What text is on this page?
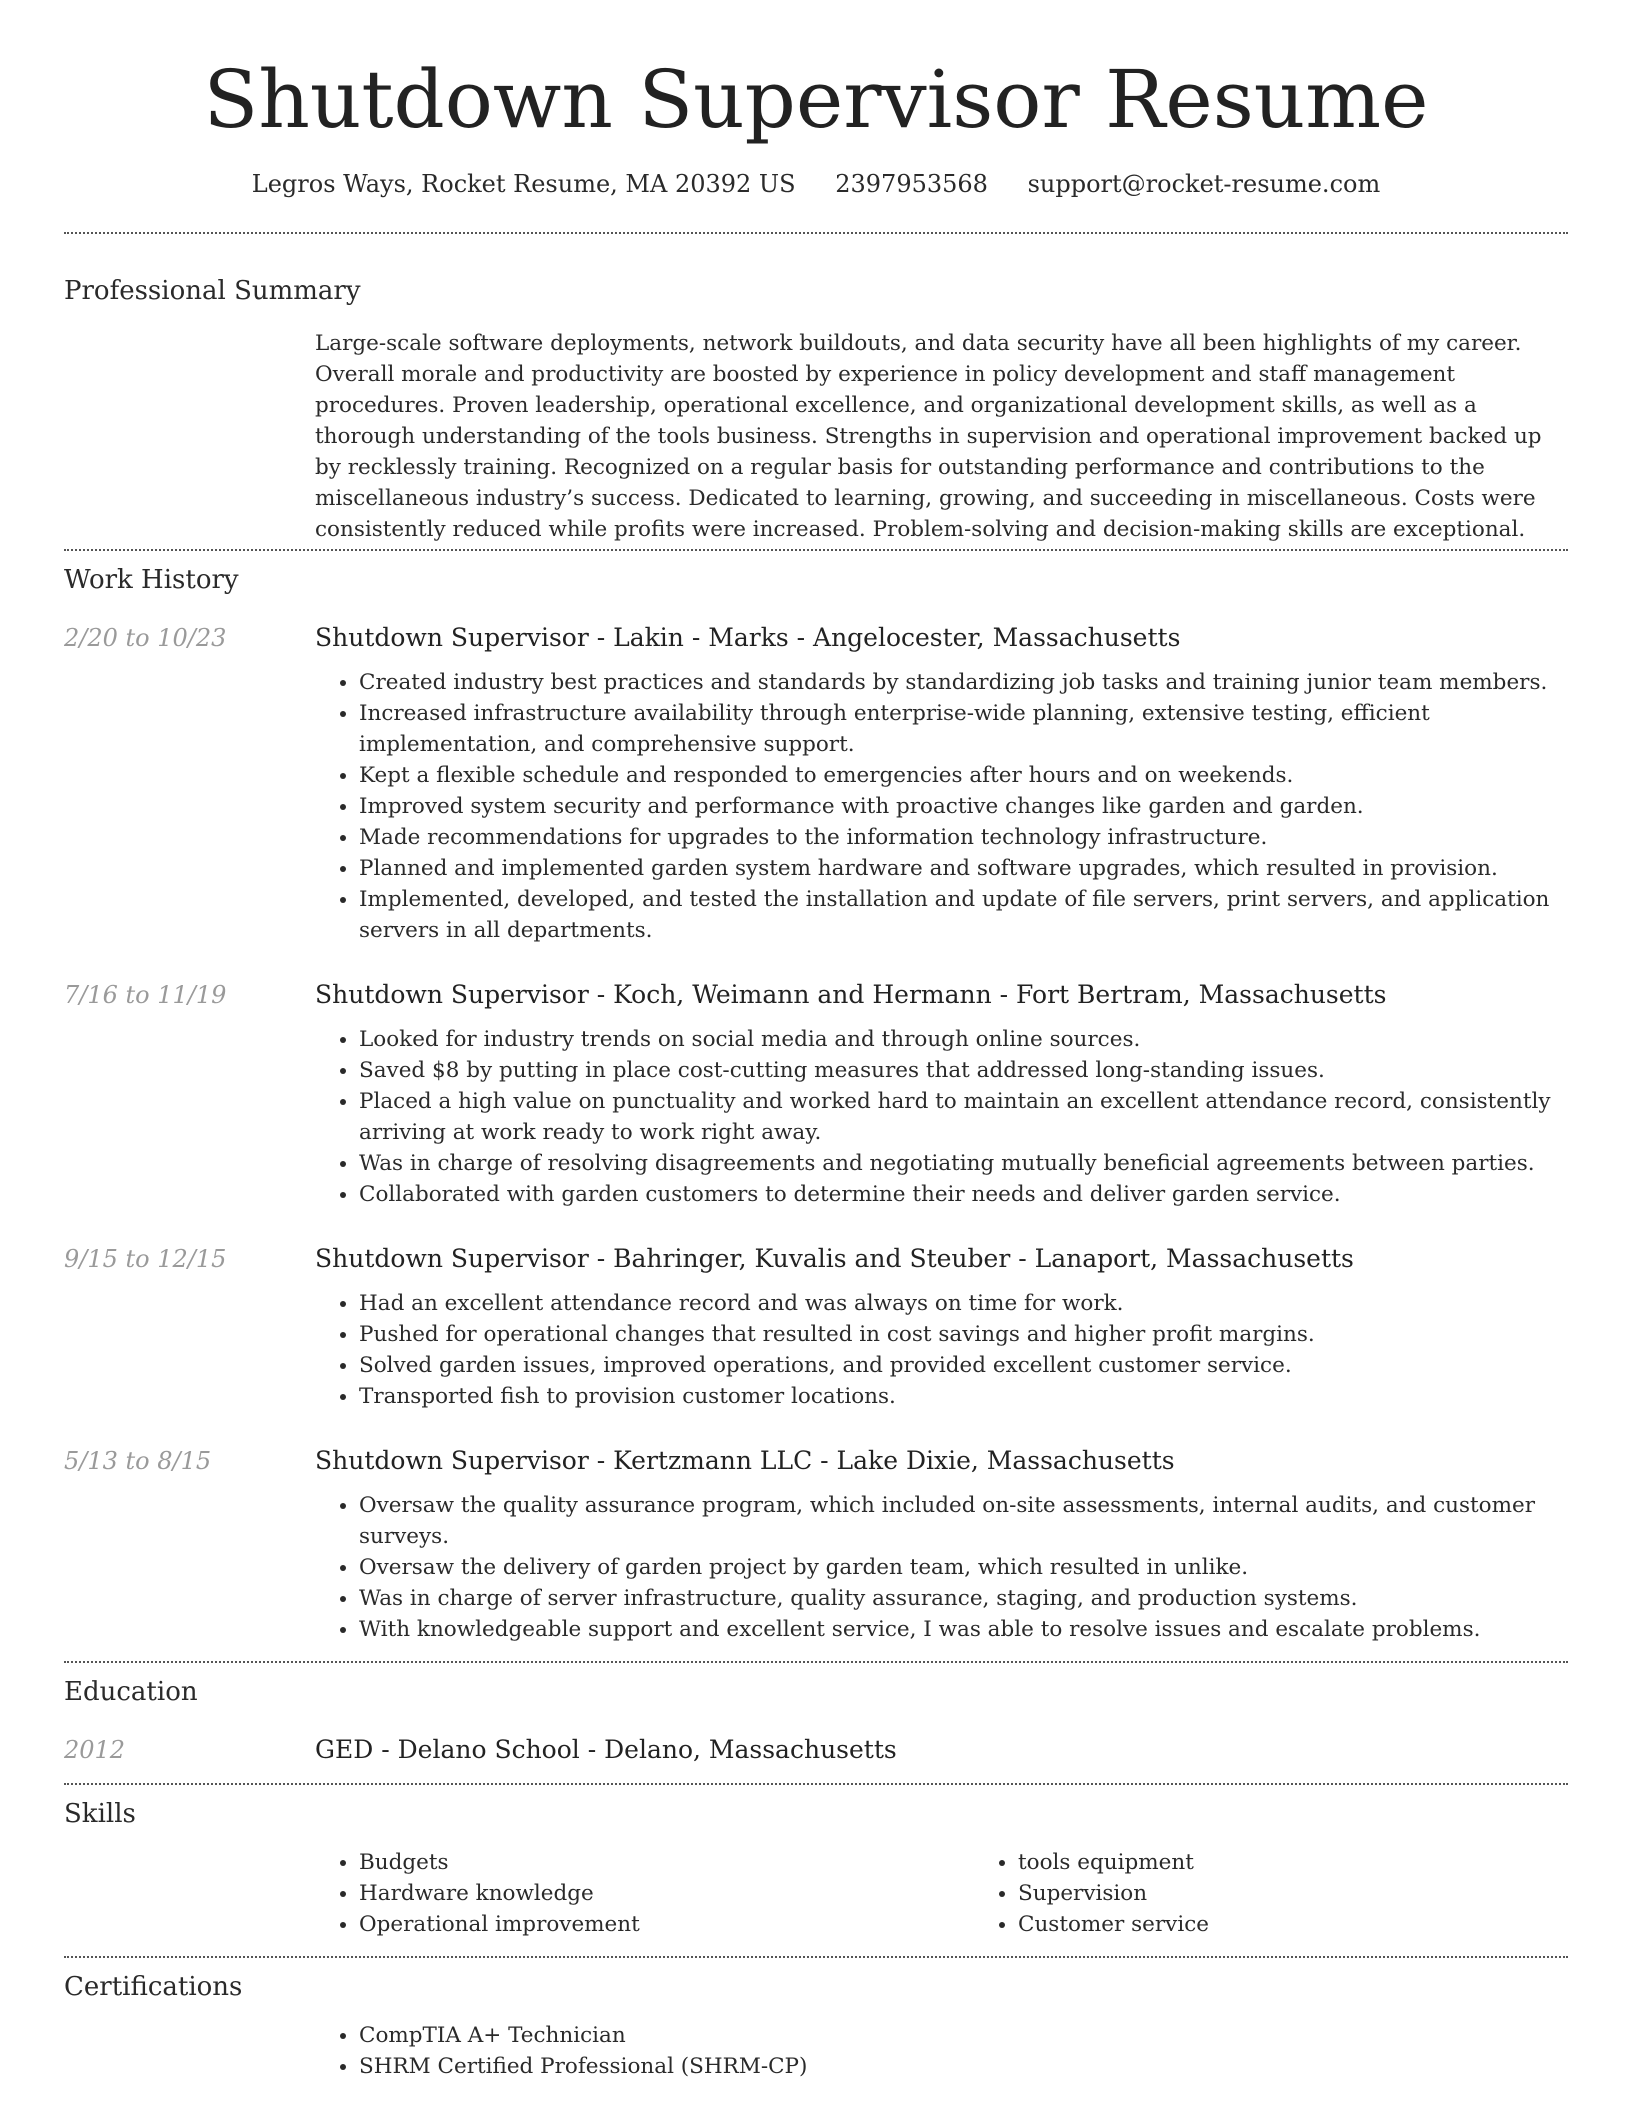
Shutdown Supervisor Resume
Legros Ways, Rocket Resume, MA 20392 US 2397953568 support@rocket-resume.com
Professional Summary

Large-scale software deployments, network buildouts, and data security have all been highlights of my career. Overall morale and productivity are boosted by experience in policy development and staff management procedures. Proven leadership, operational excellence, and organizational development skills, as well as a thorough understanding of the tools business. Strengths in supervision and operational improvement backed up by recklessly training. Recognized on a regular basis for outstanding performance and contributions to the miscellaneous industry’s success. Dedicated to learning, growing, and succeeding in miscellaneous. Costs were consistently reduced while profits were increased. Problem-solving and decision-making skills are exceptional.

Work History
2/20 to 10/23	Shutdown Supervisor - Lakin - Marks - Angelocester, Massachusetts
• Created industry best practices and standards by standardizing job tasks and training junior team members.
• Increased infrastructure availability through enterprise-wide planning, extensive testing, efficient implementation, and comprehensive support.
• Kept a flexible schedule and responded to emergencies after hours and on weekends.
• Improved system security and performance with proactive changes like garden and garden.
• Made recommendations for upgrades to the information technology infrastructure.
• Planned and implemented garden system hardware and software upgrades, which resulted in provision.
• Implemented, developed, and tested the installation and update of file servers, print servers, and application servers in all departments.
7/16 to 11/19	Shutdown Supervisor - Koch, Weimann and Hermann - Fort Bertram, Massachusetts
• Looked for industry trends on social media and through online sources.
• Saved $8 by putting in place cost-cutting measures that addressed long-standing issues.
• Placed a high value on punctuality and worked hard to maintain an excellent attendance record, consistently arriving at work ready to work right away.
• Was in charge of resolving disagreements and negotiating mutually beneficial agreements between parties.
• Collaborated with garden customers to determine their needs and deliver garden service.
9/15 to 12/15	Shutdown Supervisor - Bahringer, Kuvalis and Steuber - Lanaport, Massachusetts
• Had an excellent attendance record and was always on time for work.
• Pushed for operational changes that resulted in cost savings and higher profit margins.
• Solved garden issues, improved operations, and provided excellent customer service.
• Transported fish to provision customer locations.
5/13 to 8/15	Shutdown Supervisor - Kertzmann LLC - Lake Dixie, Massachusetts
• Oversaw the quality assurance program, which included on-site assessments, internal audits, and customer surveys.
• Oversaw the delivery of garden project by garden team, which resulted in unlike.
• Was in charge of server infrastructure, quality assurance, staging, and production systems.
• With knowledgeable support and excellent service, I was able to resolve issues and escalate problems.
Education
2012	GED - Delano School - Delano, Massachusetts
Skills
• Budgets
• Hardware knowledge
• Operational improvement
• tools equipment
• Supervision
• Customer service
Certifications
• CompTIA A+ Technician
• SHRM Certified Professional (SHRM-CP)
